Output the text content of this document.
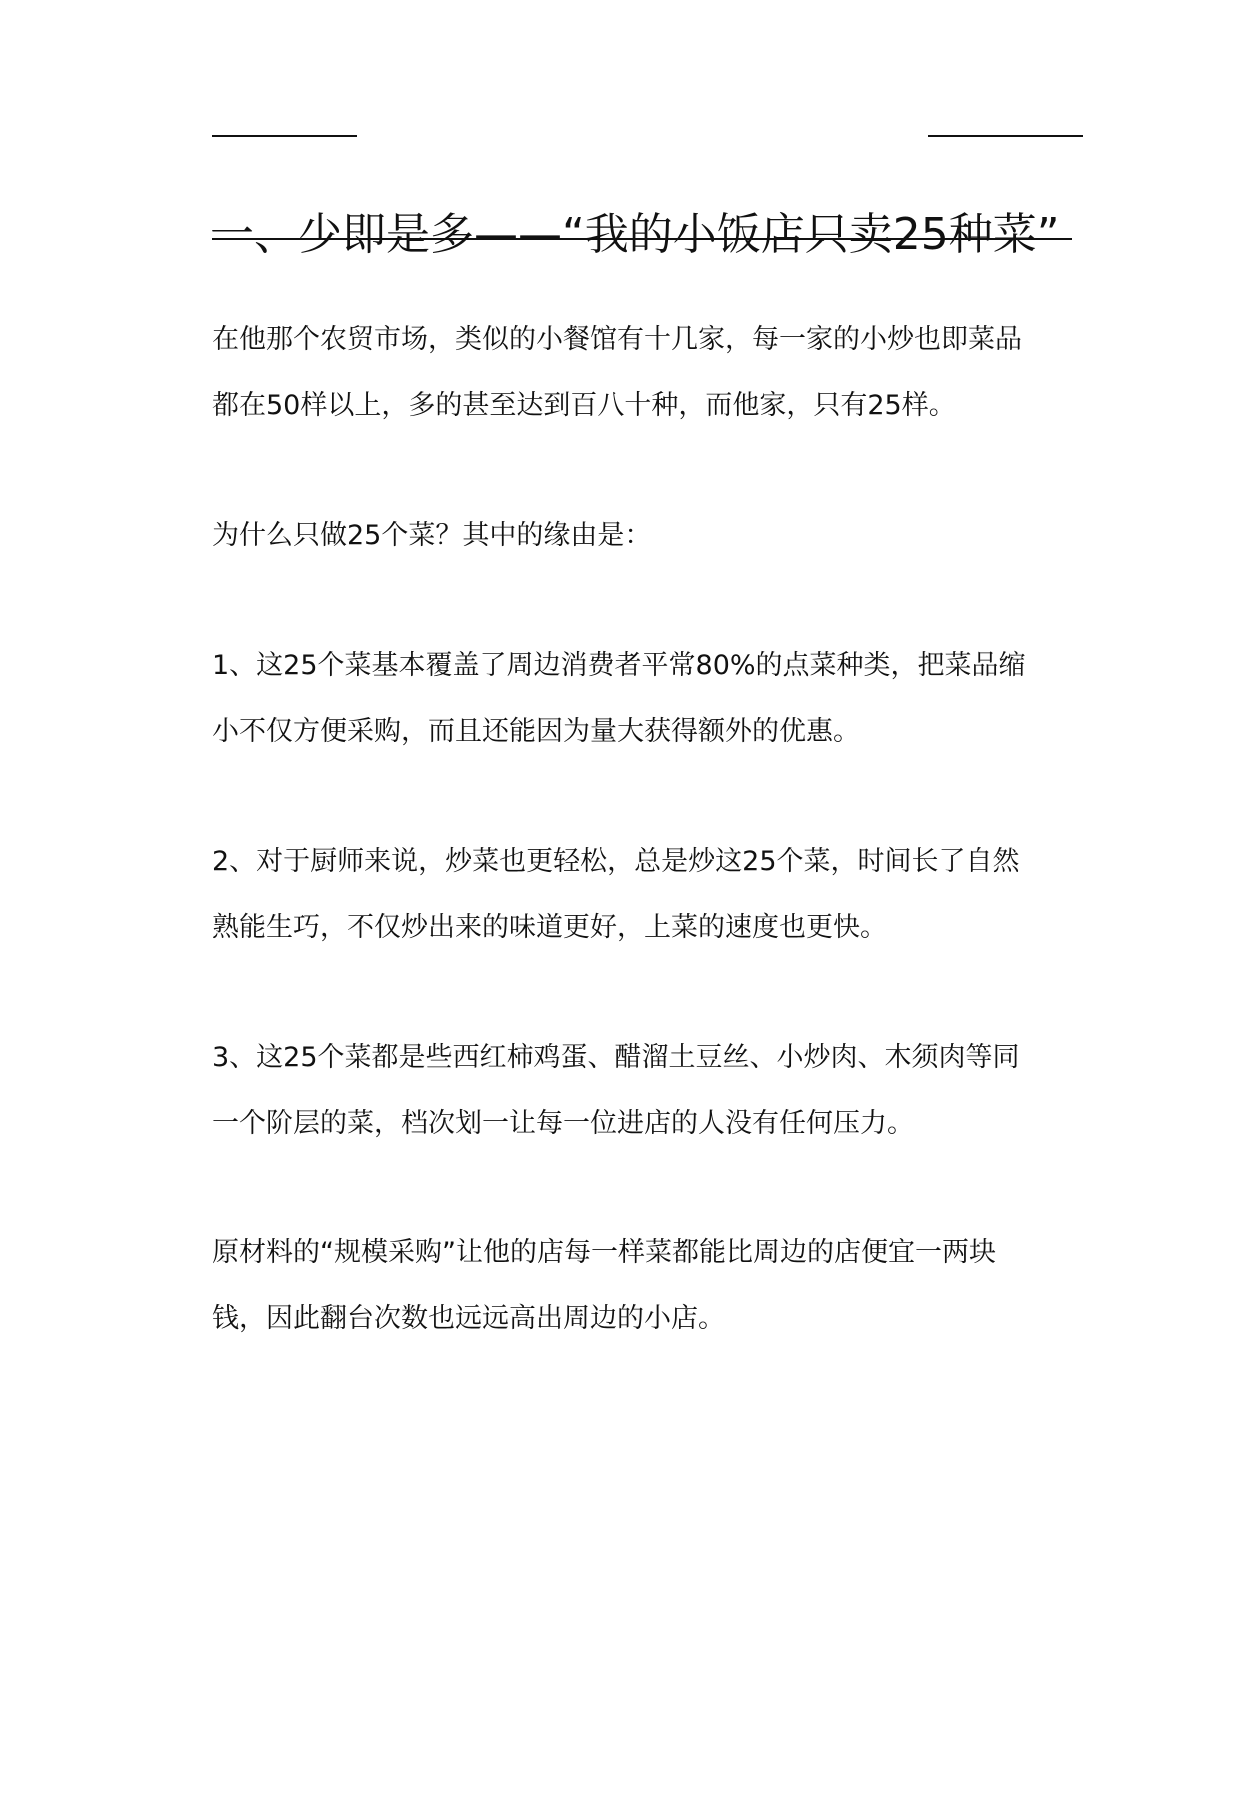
一、少即是多——“我的小饭店只卖25种菜”

在他那个农贸市场，类似的小餐馆有十几家，每一家的小炒也即菜品
都在50样以上，多的甚至达到百八十种，而他家，只有25样。

为什么只做25个菜？其中的缘由是：

1、这25个菜基本覆盖了周边消费者平常80%的点菜种类，把菜品缩
小不仅方便采购，而且还能因为量大获得额外的优惠。

2、对于厨师来说，炒菜也更轻松，总是炒这25个菜，时间长了自然
熟能生巧，不仅炒出来的味道更好，上菜的速度也更快。

3、这25个菜都是些西红柿鸡蛋、醋溜土豆丝、小炒肉、木须肉等同
一个阶层的菜，档次划一让每一位进店的人没有任何压力。

原材料的“规模采购”让他的店每一样菜都能比周边的店便宜一两块
钱，因此翻台次数也远远高出周边的小店。
